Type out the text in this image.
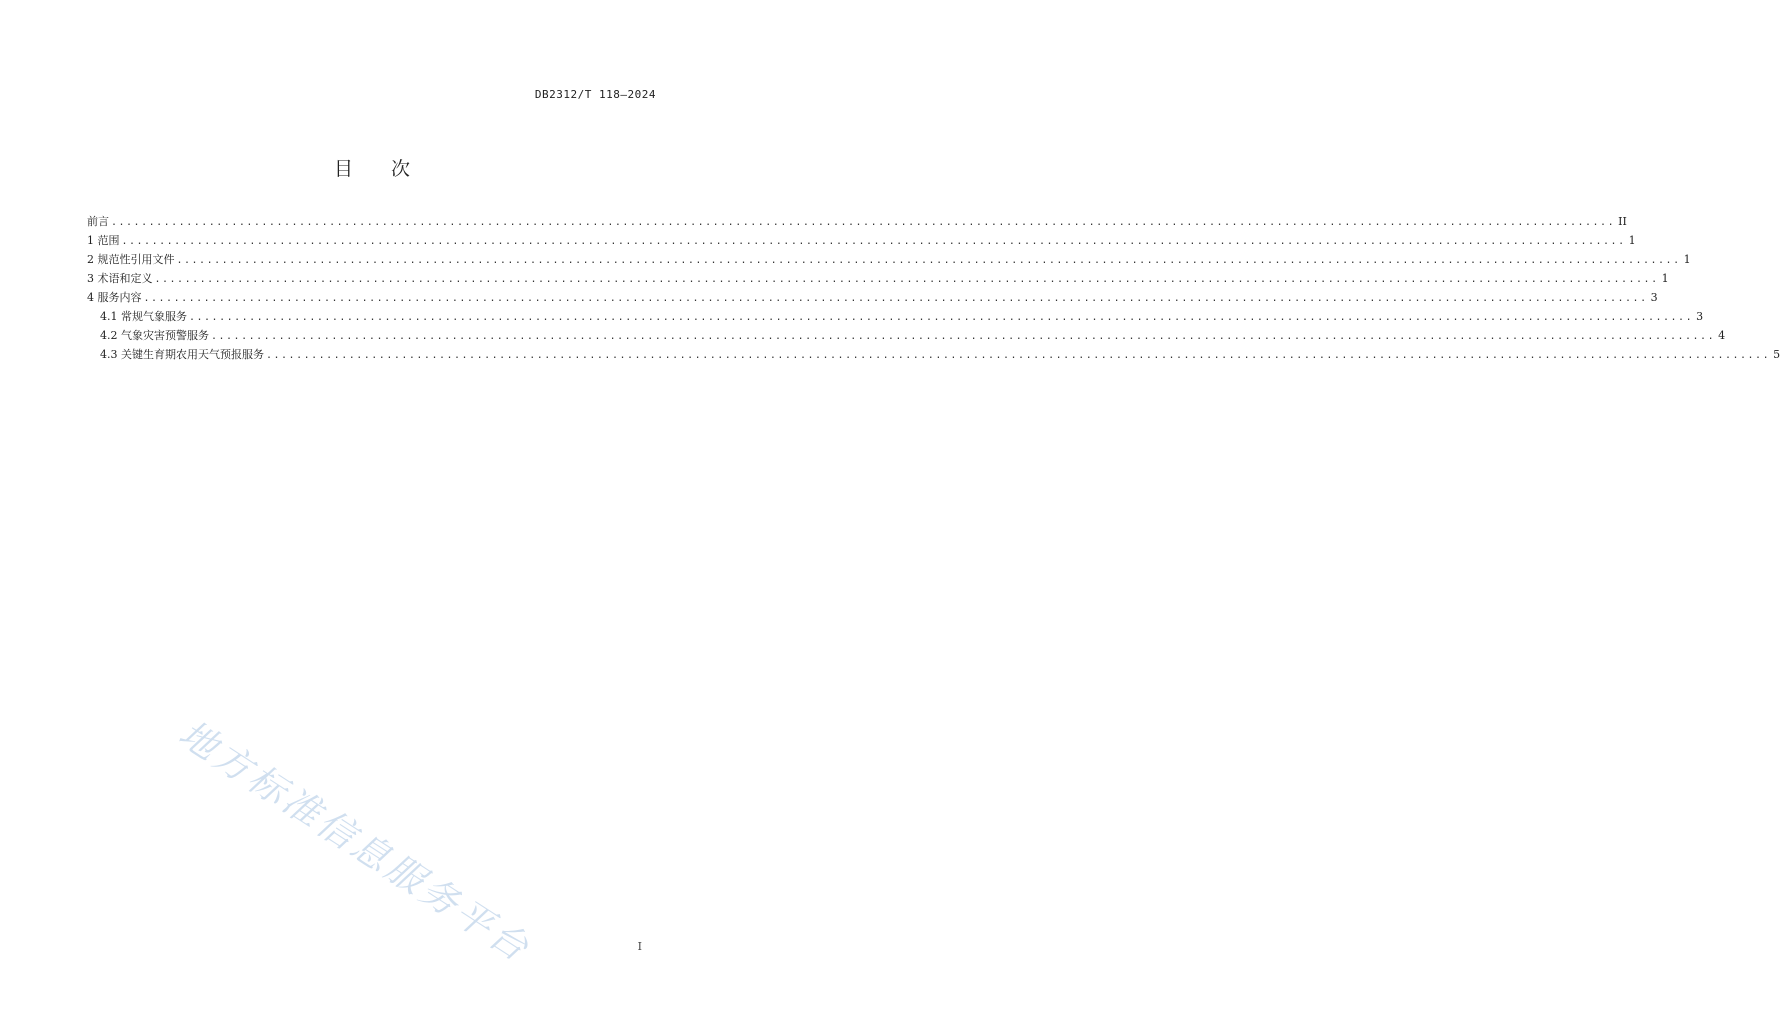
DB2312/T 118—2024
目 次
前言 ........................................................................................................................................................................................................ II
1 范围 ........................................................................................................................................................................................................ 1
2 规范性引用文件 ........................................................................................................................................................................................................ 1
3 术语和定义 ........................................................................................................................................................................................................ 1
4 服务内容 ........................................................................................................................................................................................................ 3
4.1 常规气象服务 ........................................................................................................................................................................................................ 3
4.2 气象灾害预警服务 ........................................................................................................................................................................................................ 4
4.3 关键生育期农用天气预报服务 ........................................................................................................................................................................................................ 5
地方标准信息服务平台	I
